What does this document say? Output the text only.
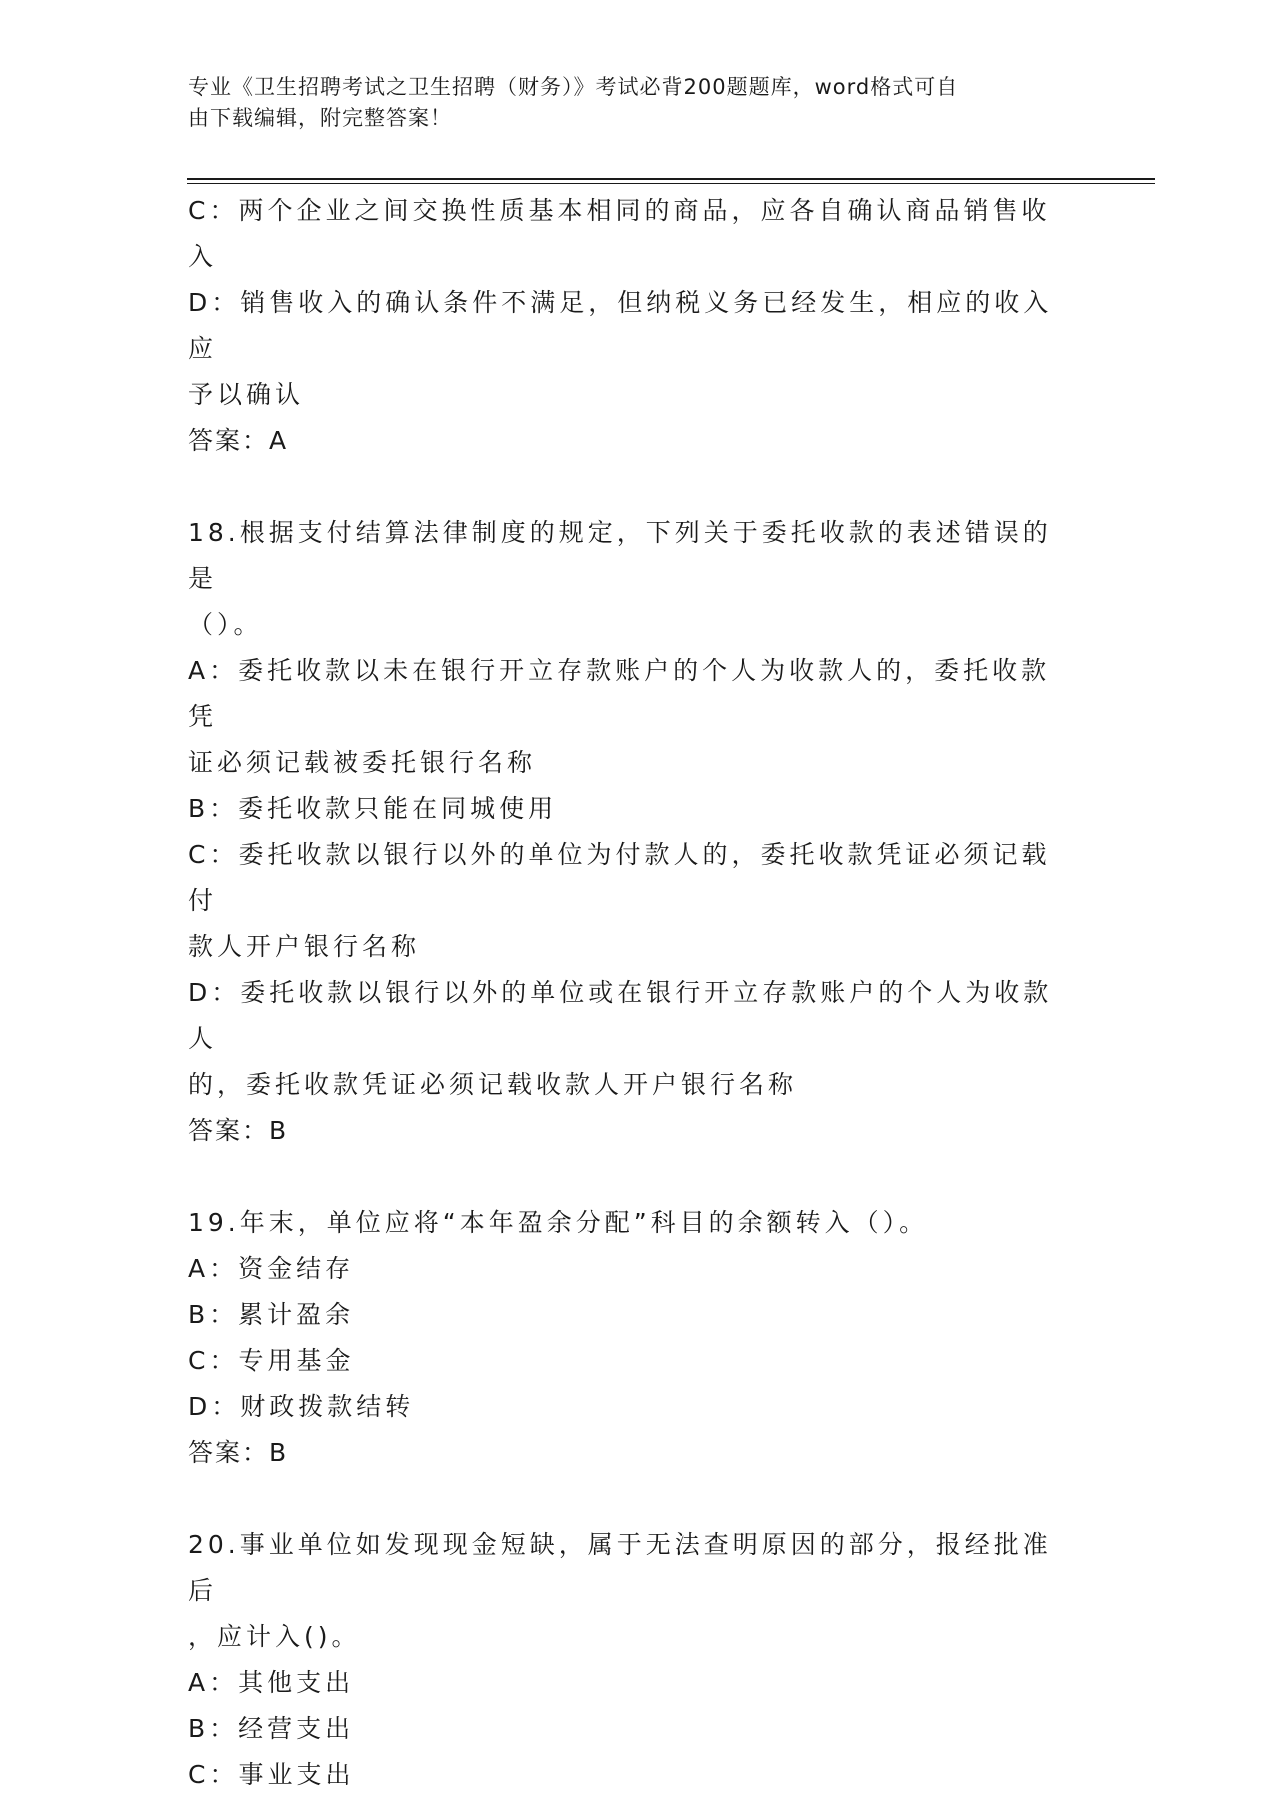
专业《卫生招聘考试之卫生招聘（财务）》考试必背200题题库，word格式可自
由下载编辑，附完整答案！

C：两个企业之间交换性质基本相同的商品，应各自确认商品销售收入

D：销售收入的确认条件不满足，但纳税义务已经发生，相应的收入应

予以确认

答案：A

18.根据支付结算法律制度的规定，下列关于委托收款的表述错误的是

（）。

A：委托收款以未在银行开立存款账户的个人为收款人的，委托收款凭

证必须记载被委托银行名称

B：委托收款只能在同城使用

C：委托收款以银行以外的单位为付款人的，委托收款凭证必须记载付

款人开户银行名称

D：委托收款以银行以外的单位或在银行开立存款账户的个人为收款人

的，委托收款凭证必须记载收款人开户银行名称

答案：B

19.年末，单位应将“本年盈余分配”科目的余额转入（）。

A：资金结存

B：累计盈余

C：专用基金

D：财政拨款结转

答案：B

20.事业单位如发现现金短缺，属于无法查明原因的部分，报经批准后

，应计入()。

A：其他支出

B：经营支出

C：事业支出
